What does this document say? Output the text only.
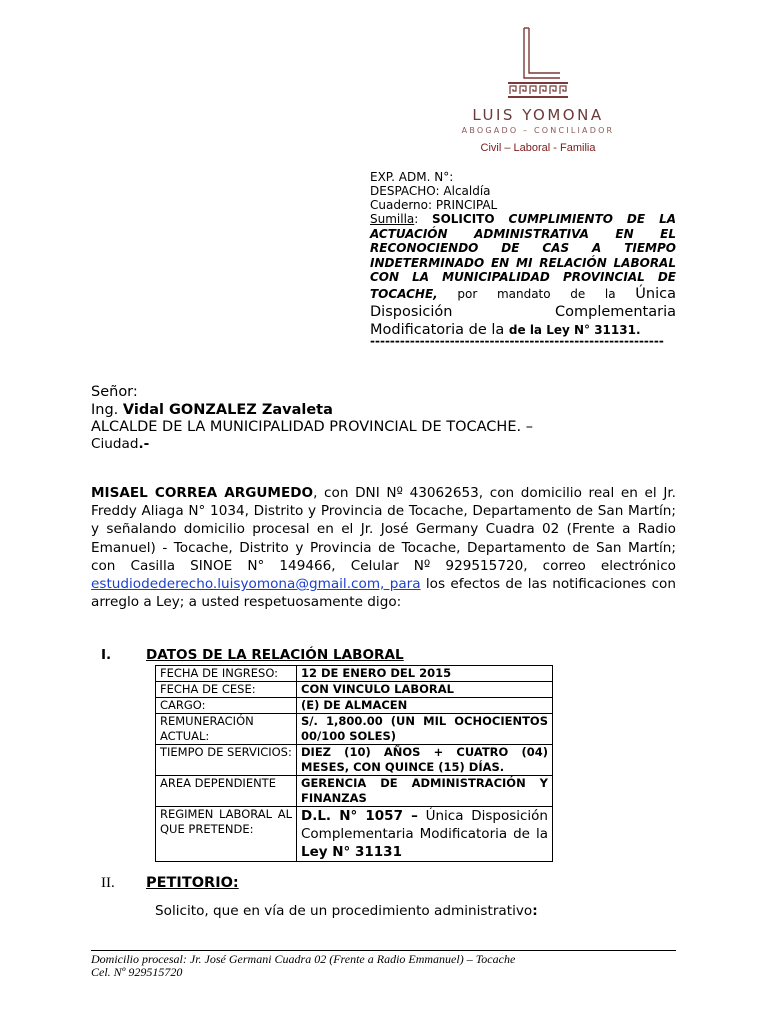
LUIS YOMONA
ABOGADO – CONCILIADOR
Civil – Laboral - Familia
EXP. ADM. N°:
DESPACHO: Alcaldía
Cuaderno: PRINCIPAL
Sumilla: SOLICITO CUMPLIMIENTO DE LA ACTUACIÓN ADMINISTRATIVA EN EL RECONOCIENDO DE CAS A TIEMPO INDETERMINADO EN MI RELACIÓN LABORAL CON LA MUNICIPALIDAD PROVINCIAL DE TOCACHE, por mandato de la Única Disposición Complementaria Modificatoria de la de la Ley N° 31131.
-----------------------------------------------------------
Señor:
Ing. Vidal GONZALEZ Zavaleta
ALCALDE DE LA MUNICIPALIDAD PROVINCIAL DE TOCACHE. –
Ciudad.-
MISAEL CORREA ARGUMEDO, con DNI Nº 43062653, con domicilio real en el Jr. Freddy Aliaga N° 1034, Distrito y Provincia de Tocache, Departamento de San Martín; y señalando domicilio procesal en el Jr. José Germany Cuadra 02 (Frente a Radio Emanuel) - Tocache, Distrito y Provincia de Tocache, Departamento de San Martín; con Casilla SINOE N° 149466, Celular Nº 929515720, correo electrónico estudiodederecho.luisyomona@gmail.com, para los efectos de las notificaciones con arreglo a Ley; a usted respetuosamente digo:
I.	DATOS DE LA RELACIÓN LABORAL
FECHA DE INGRESO:	12 DE ENERO DEL 2015
FECHA DE CESE:	CON VINCULO LABORAL
CARGO:	(E) DE ALMACEN
REMUNERACIÓN ACTUAL:	S/. 1,800.00 (UN MIL OCHOCIENTOS 00/100 SOLES)
TIEMPO DE SERVICIOS:	DIEZ (10) AÑOS + CUATRO (04) MESES, CON QUINCE (15) DÍAS.
AREA DEPENDIENTE	GERENCIA DE ADMINISTRACIÓN Y FINANZAS
REGIMEN LABORAL AL QUE PRETENDE:	D.L. N° 1057 – Única Disposición Complementaria Modificatoria de la Ley N° 31131
II. PETITORIO:
Solicito, que en vía de un procedimiento administrativo:
Domicilio procesal: Jr. José Germani Cuadra 02 (Frente a Radio Emmanuel) – Tocache
Cel. Nº 929515720
